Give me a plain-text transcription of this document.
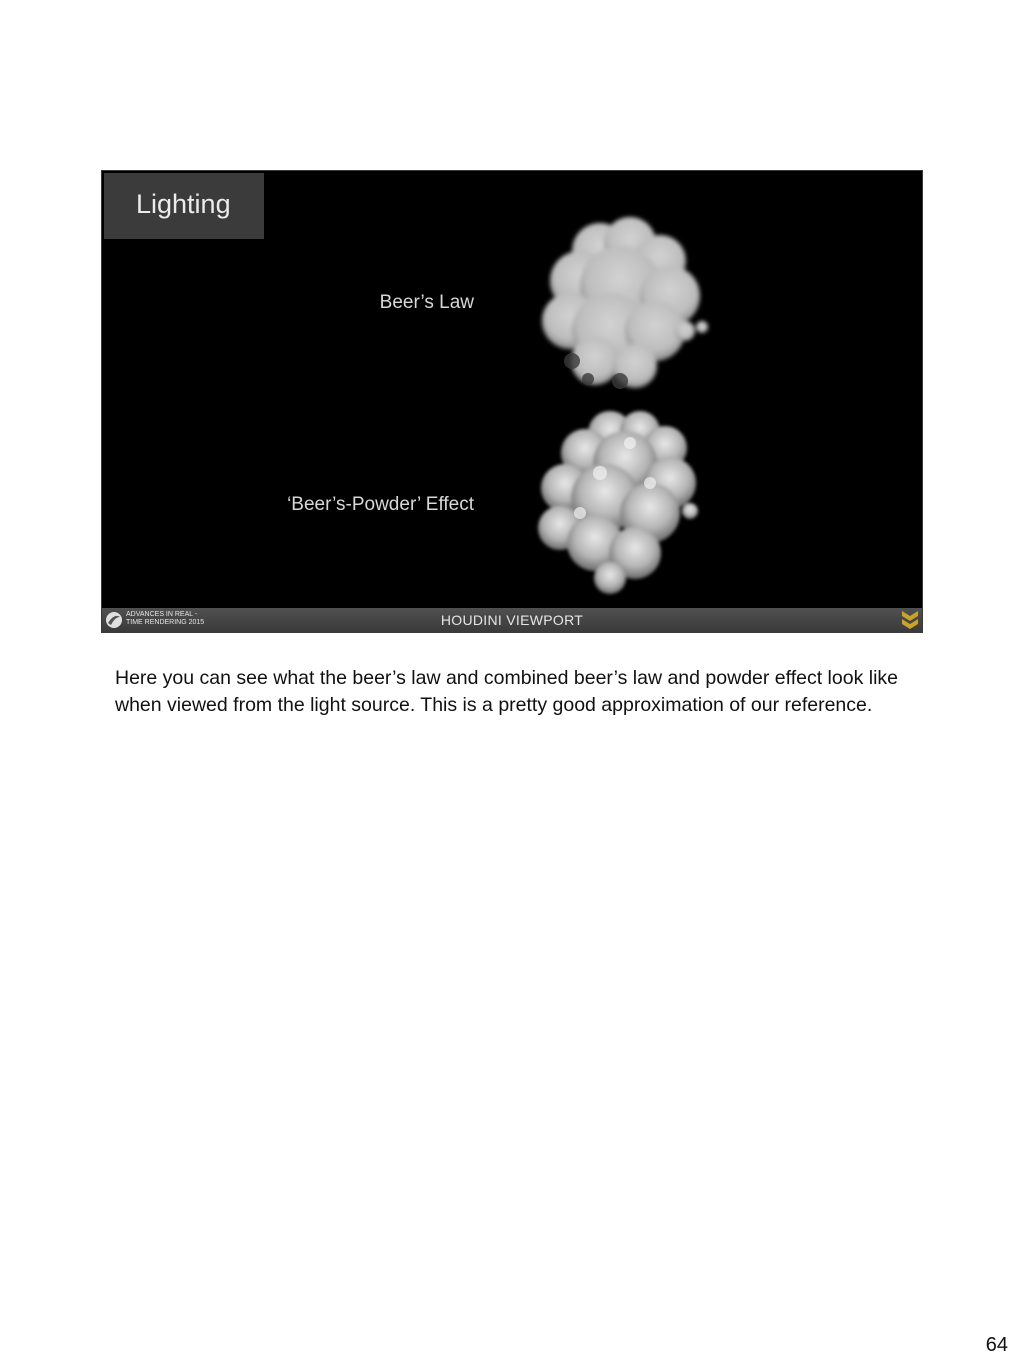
Lighting
Beer’s Law
‘Beer’s-Powder’ Effect
ADVANCES IN REAL -
TIME RENDERING 2015	HOUDINI VIEWPORT

Here you can see what the beer’s law and combined beer’s law and powder effect look like when viewed from the light source. This is a pretty good approximation of our reference.

64
